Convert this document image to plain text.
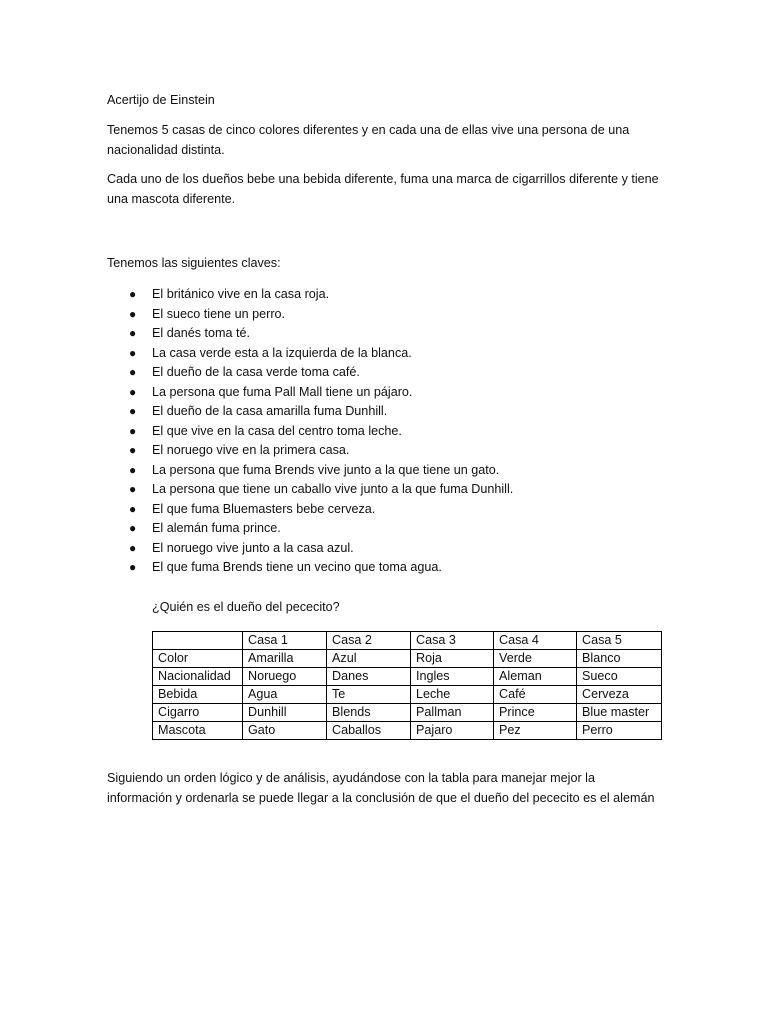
Acertijo de Einstein

Tenemos 5 casas de cinco colores diferentes y en cada una de ellas vive una persona de una
nacionalidad distinta.
Cada uno de los dueños bebe una bebida diferente, fuma una marca de cigarrillos diferente y tiene
una mascota diferente.

Tenemos las siguientes claves:

● El británico vive en la casa roja.
● El sueco tiene un perro.
● El danés toma té.
● La casa verde esta a la izquierda de la blanca.
● El dueño de la casa verde toma café.
● La persona que fuma Pall Mall tiene un pájaro.
● El dueño de la casa amarilla fuma Dunhill.
● El que vive en la casa del centro toma leche.
● El noruego vive en la primera casa.
● La persona que fuma Brends vive junto a la que tiene un gato.
● La persona que tiene un caballo vive junto a la que fuma Dunhill.
● El que fuma Bluemasters bebe cerveza.
● El alemán fuma prince.
● El noruego vive junto a la casa azul.
● El que fuma Brends tiene un vecino que toma agua.

¿Quién es el dueño del pececito?

	Casa 1	Casa 2	Casa 3	Casa 4	Casa 5
Color	Amarilla	Azul	Roja	Verde	Blanco
Nacionalidad	Noruego	Danes	Ingles	Aleman	Sueco
Bebida	Agua	Te	Leche	Café	Cerveza
Cigarro	Dunhill	Blends	Pallman	Prince	Blue master
Mascota	Gato	Caballos	Pajaro	Pez	Perro
Siguiendo un orden lógico y de análisis, ayudándose con la tabla para manejar mejor la
información y ordenarla se puede llegar a la conclusión de que el dueño del pececito es el alemán
